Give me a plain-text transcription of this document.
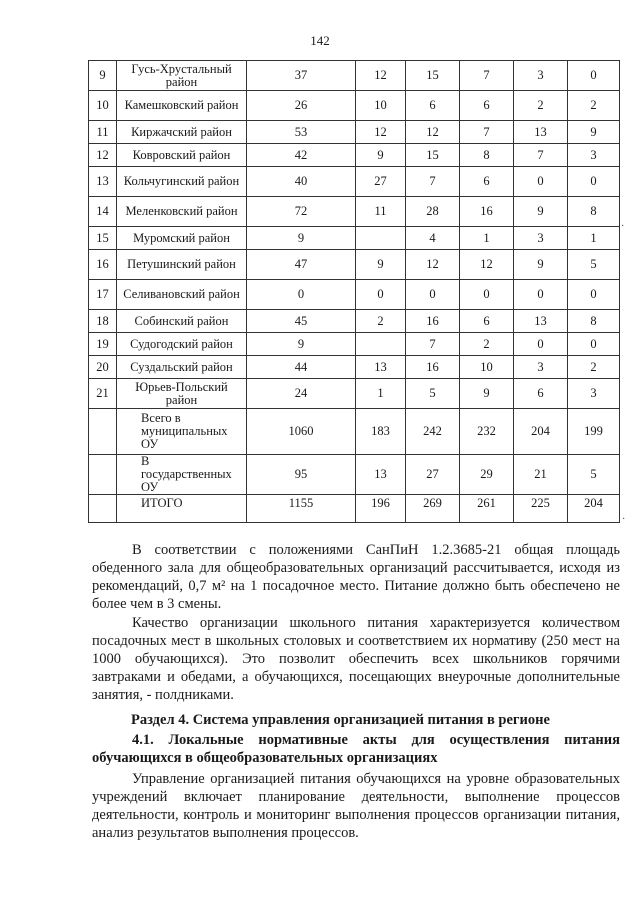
142
9	Гусь-Хрустальный район	37	12	15	7	3	0
10	Камешковский район	26	10	6	6	2	2
11	Киржачский район	53	12	12	7	13	9
12	Ковровский район	42	9	15	8	7	3
13	Кольчугинский район	40	27	7	6	0	0
14	Меленковский район	72	11	28	16	9	8
15	Муромский район	9		4	1	3	1
16	Петушинский район	47	9	12	12	9	5
17	Селивановский район	0	0	0	0	0	0
18	Собинский район	45	2	16	6	13	8
19	Судогодский район	9		7	2	0	0
20	Суздальский район	44	13	16	10	3	2
21	Юрьев-Польский район	24	1	5	9	6	3
	Всего в муниципальных ОУ	1060	183	242	232	204	199
	В государственных ОУ	95	13	27	29	21	5
	ИТОГО	1155	196	269	261	225	204

В соответствии с положениями СанПиН 1.2.3685-21 общая площадь обеденного зала для общеобразовательных организаций рассчитывается, исходя из рекомендаций, 0,7 м² на 1 посадочное место. Питание должно быть обеспечено не более чем в 3 смены.

Качество организации школьного питания характеризуется количеством посадочных мест в школьных столовых и соответствием их нормативу (250 мест на 1000 обучающихся). Это позволит обеспечить всех школьников горячими завтраками и обедами, а обучающихся, посещающих внеурочные дополнительные занятия, - полдниками.

Раздел 4. Система управления организацией питания в регионе

4.1. Локальные нормативные акты для осуществления питания обучающихся в общеобразовательных организациях

Управление организацией питания обучающихся на уровне образовательных учреждений включает планирование деятельности, выполнение процессов деятельности, контроль и мониторинг выполнения процессов организации питания, анализ результатов выполнения процессов.

·
·
